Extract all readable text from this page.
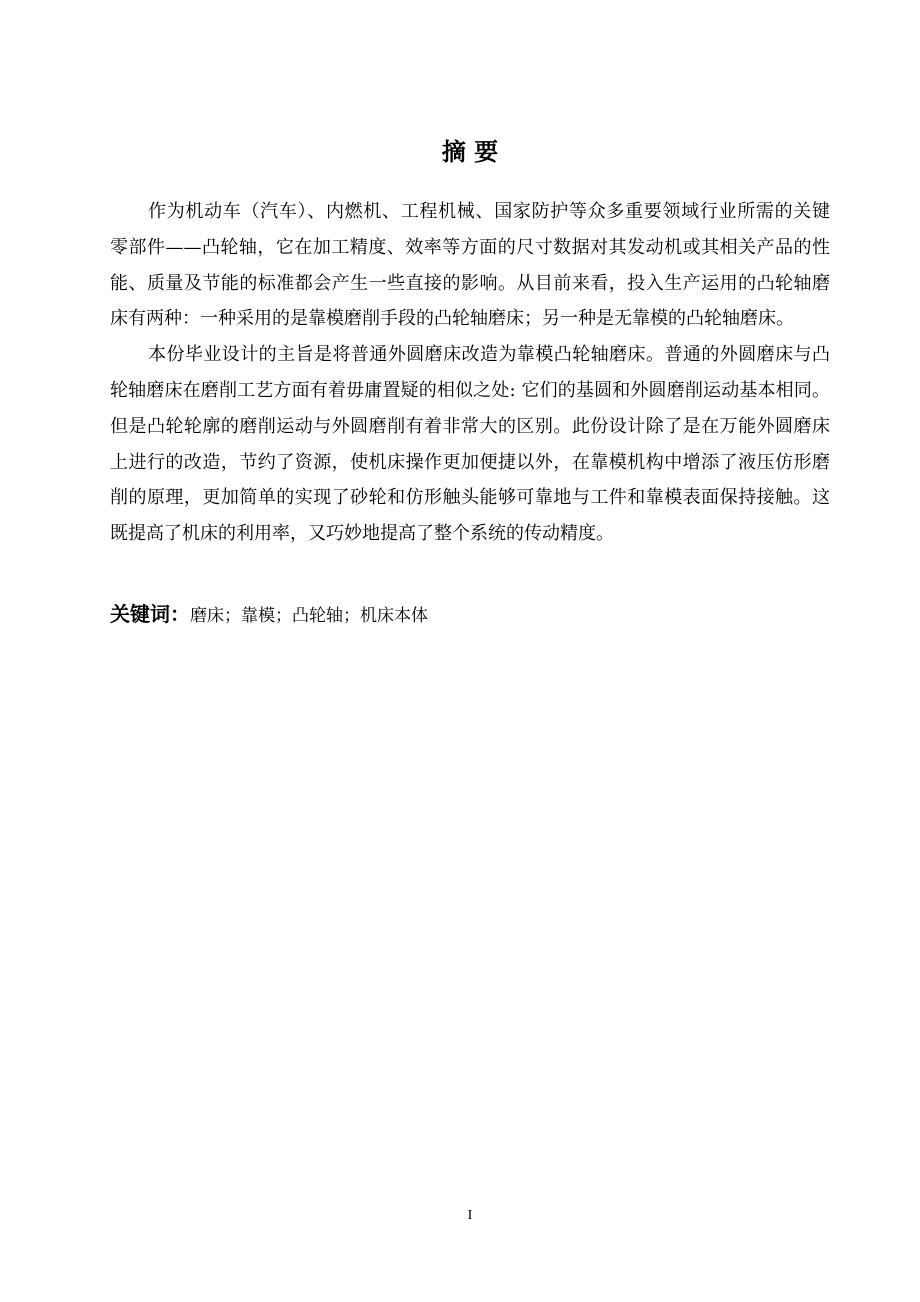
摘 要
作为机动车（汽车）、内燃机、工程机械、国家防护等众多重要领域行业所需的关键
零部件——凸轮轴，它在加工精度、效率等方面的尺寸数据对其发动机或其相关产品的性
能、质量及节能的标准都会产生一些直接的影响。从目前来看，投入生产运用的凸轮轴磨
床有两种：一种采用的是靠模磨削手段的凸轮轴磨床；另一种是无靠模的凸轮轴磨床。
本份毕业设计的主旨是将普通外圆磨床改造为靠模凸轮轴磨床。普通的外圆磨床与凸
轮轴磨床在磨削工艺方面有着毋庸置疑的相似之处: 它们的基圆和外圆磨削运动基本相同。
但是凸轮轮廓的磨削运动与外圆磨削有着非常大的区别。此份设计除了是在万能外圆磨床
上进行的改造，节约了资源，使机床操作更加便捷以外，在靠模机构中增添了液压仿形磨
削的原理，更加简单的实现了砂轮和仿形触头能够可靠地与工件和靠模表面保持接触。这
既提高了机床的利用率，又巧妙地提高了整个系统的传动精度。
关键词：磨床；靠模；凸轮轴；机床本体
I
